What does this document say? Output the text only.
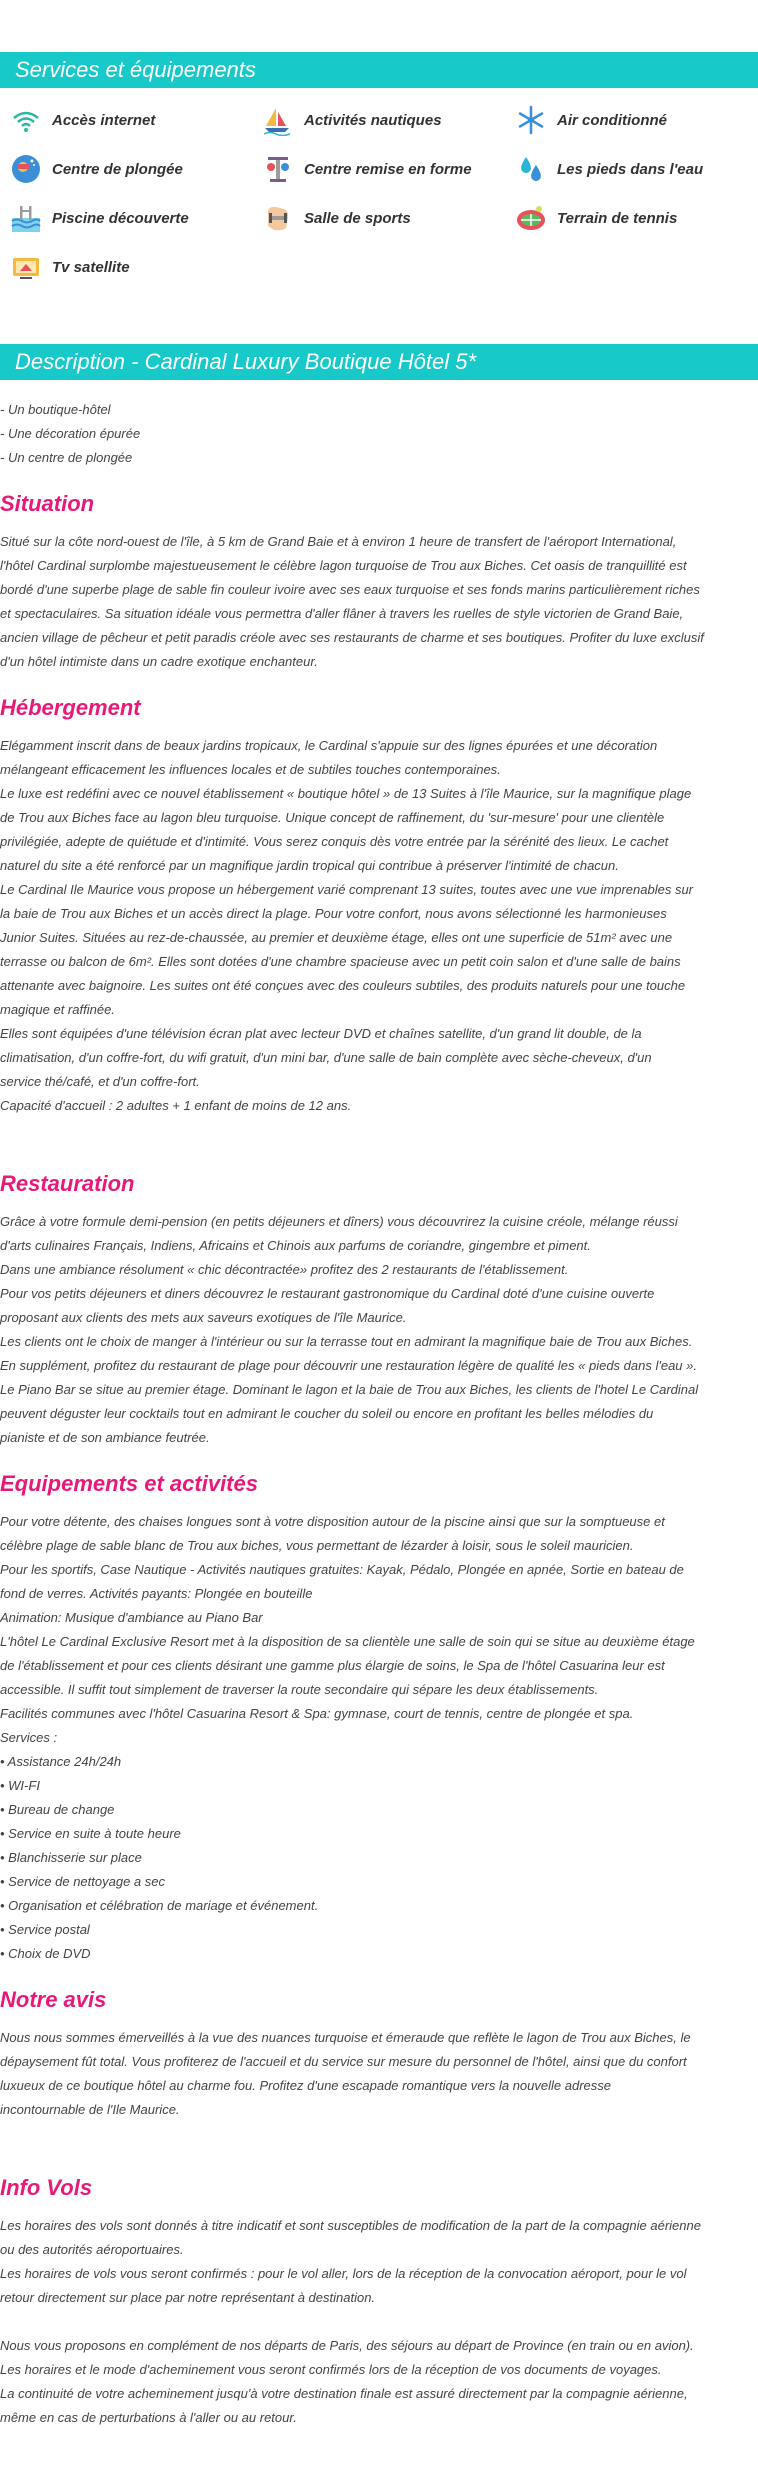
Services et équipements
Accès internet	Activités nautiques	Air conditionné
Centre de plongée	Centre remise en forme	Les pieds dans l'eau
Piscine découverte	Salle de sports	Terrain de tennis
Tv satellite
Description - Cardinal Luxury Boutique Hôtel 5*
- Un boutique-hôtel
- Une décoration épurée
- Un centre de plongée
Situation
Situé sur la côte nord-ouest de l'île, à 5 km de Grand Baie et à environ 1 heure de transfert de l'aéroport International,
l'hôtel Cardinal surplombe majestueusement le célèbre lagon turquoise de Trou aux Biches. Cet oasis de tranquillité est
bordé d'une superbe plage de sable fin couleur ivoire avec ses eaux turquoise et ses fonds marins particulièrement riches
et spectaculaires. Sa situation idéale vous permettra d'aller flâner à travers les ruelles de style victorien de Grand Baie,
ancien village de pêcheur et petit paradis créole avec ses restaurants de charme et ses boutiques. Profiter du luxe exclusif
d'un hôtel intimiste dans un cadre exotique enchanteur.
Hébergement
Elégamment inscrit dans de beaux jardins tropicaux, le Cardinal s'appuie sur des lignes épurées et une décoration
mélangeant efficacement les influences locales et de subtiles touches contemporaines.
Le luxe est redéfini avec ce nouvel établissement « boutique hôtel » de 13 Suites à l'île Maurice, sur la magnifique plage
de Trou aux Biches face au lagon bleu turquoise. Unique concept de raffinement, du 'sur-mesure' pour une clientèle
privilégiée, adepte de quiétude et d'intimité. Vous serez conquis dès votre entrée par la sérénité des lieux. Le cachet
naturel du site a été renforcé par un magnifique jardin tropical qui contribue à préserver l'intimité de chacun.
Le Cardinal Ile Maurice vous propose un hébergement varié comprenant 13 suites, toutes avec une vue imprenables sur
la baie de Trou aux Biches et un accès direct la plage. Pour votre confort, nous avons sélectionné les harmonieuses
Junior Suites. Situées au rez-de-chaussée, au premier et deuxième étage, elles ont une superficie de 51m² avec une
terrasse ou balcon de 6m². Elles sont dotées d'une chambre spacieuse avec un petit coin salon et d'une salle de bains
attenante avec baignoire. Les suites ont été conçues avec des couleurs subtiles, des produits naturels pour une touche
magique et raffinée.
Elles sont équipées d'une télévision écran plat avec lecteur DVD et chaînes satellite, d'un grand lit double, de la
climatisation, d'un coffre-fort, du wifi gratuit, d'un mini bar, d'une salle de bain complète avec sèche-cheveux, d'un
service thé/café, et d'un coffre-fort.
Capacité d'accueil : 2 adultes + 1 enfant de moins de 12 ans.
Restauration
Grâce à votre formule demi-pension (en petits déjeuners et dîners) vous découvrirez la cuisine créole, mélange réussi
d'arts culinaires Français, Indiens, Africains et Chinois aux parfums de coriandre, gingembre et piment.
Dans une ambiance résolument « chic décontractée» profitez des 2 restaurants de l'établissement.
Pour vos petits déjeuners et diners découvrez le restaurant gastronomique du Cardinal doté d'une cuisine ouverte
proposant aux clients des mets aux saveurs exotiques de l'île Maurice.
Les clients ont le choix de manger à l'intérieur ou sur la terrasse tout en admirant la magnifique baie de Trou aux Biches.
En supplément, profitez du restaurant de plage pour découvrir une restauration légère de qualité les « pieds dans l'eau ».
Le Piano Bar se situe au premier étage. Dominant le lagon et la baie de Trou aux Biches, les clients de l'hotel Le Cardinal
peuvent déguster leur cocktails tout en admirant le coucher du soleil ou encore en profitant les belles mélodies du
pianiste et de son ambiance feutrée.
Equipements et activités
Pour votre détente, des chaises longues sont à votre disposition autour de la piscine ainsi que sur la somptueuse et
célèbre plage de sable blanc de Trou aux biches, vous permettant de lézarder à loisir, sous le soleil mauricien.
Pour les sportifs, Case Nautique - Activités nautiques gratuites: Kayak, Pédalo, Plongée en apnée, Sortie en bateau de
fond de verres. Activités payants: Plongée en bouteille
Animation: Musique d'ambiance au Piano Bar
L'hôtel Le Cardinal Exclusive Resort met à la disposition de sa clientèle une salle de soin qui se situe au deuxième étage
de l'établissement et pour ces clients désirant une gamme plus élargie de soins, le Spa de l'hôtel Casuarina leur est
accessible. Il suffit tout simplement de traverser la route secondaire qui sépare les deux établissements.
Facilités communes avec l'hôtel Casuarina Resort & Spa: gymnase, court de tennis, centre de plongée et spa.
Services :
• Assistance 24h/24h
• WI-FI
• Bureau de change
• Service en suite à toute heure
• Blanchisserie sur place
• Service de nettoyage a sec
• Organisation et célébration de mariage et événement.
• Service postal
• Choix de DVD
Notre avis
Nous nous sommes émerveillés à la vue des nuances turquoise et émeraude que reflète le lagon de Trou aux Biches, le
dépaysement fût total. Vous profiterez de l'accueil et du service sur mesure du personnel de l'hôtel, ainsi que du confort
luxueux de ce boutique hôtel au charme fou. Profitez d'une escapade romantique vers la nouvelle adresse
incontournable de l'Ile Maurice.
Info Vols
Les horaires des vols sont donnés à titre indicatif et sont susceptibles de modification de la part de la compagnie aérienne
ou des autorités aéroportuaires.
Les horaires de vols vous seront confirmés : pour le vol aller, lors de la réception de la convocation aéroport, pour le vol
retour directement sur place par notre représentant à destination.
Nous vous proposons en complément de nos départs de Paris, des séjours au départ de Province (en train ou en avion).
Les horaires et le mode d'acheminement vous seront confirmés lors de la réception de vos documents de voyages.
La continuité de votre acheminement jusqu'à votre destination finale est assuré directement par la compagnie aérienne,
même en cas de perturbations à l'aller ou au retour.
